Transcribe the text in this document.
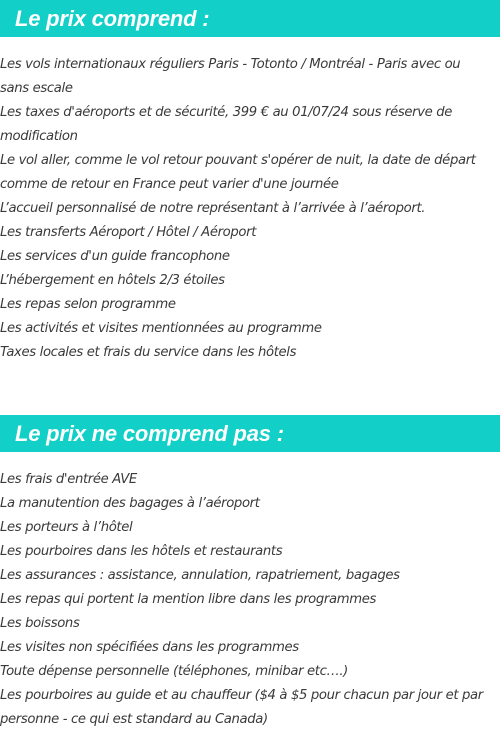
Le prix comprend :
Les vols internationaux réguliers Paris - Totonto / Montréal - Paris avec ou sans escale
Les taxes d'aéroports et de sécurité, 399 € au 01/07/24 sous réserve de modification
Le vol aller, comme le vol retour pouvant s'opérer de nuit, la date de départ comme de retour en France peut varier d'une journée
L’accueil personnalisé de notre représentant à l’arrivée à l’aéroport.
Les transferts Aéroport / Hôtel / Aéroport
Les services d'un guide francophone
L’hébergement en hôtels 2/3 étoiles
Les repas selon programme
Les activités et visites mentionnées au programme
Taxes locales et frais du service dans les hôtels
Le prix ne comprend pas :
Les frais d'entrée AVE
La manutention des bagages à l’aéroport
Les porteurs à l’hôtel
Les pourboires dans les hôtels et restaurants
Les assurances : assistance, annulation, rapatriement, bagages
Les repas qui portent la mention libre dans les programmes
Les boissons
Les visites non spécifiées dans les programmes
Toute dépense personnelle (téléphones, minibar etc….)
Les pourboires au guide et au chauffeur ($4 à $5 pour chacun par jour et par personne - ce qui est standard au Canada)
